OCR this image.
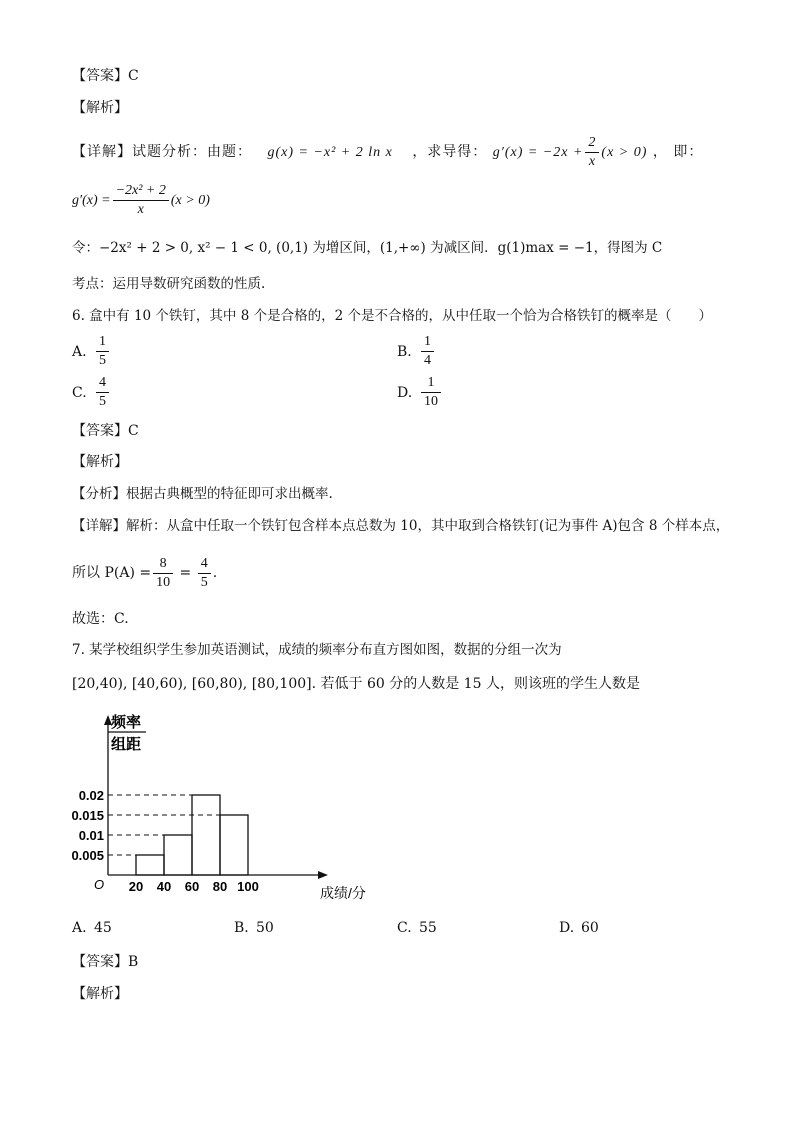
【答案】C
【解析】
【详解】试题分析：由题： g(x) = −x² + 2 ln x ，求导得： $g'(x) = -2x + \frac{2}{x} (x > 0)$ ， 即：
$g'(x) = \frac{\text{−2x² + 2}}{x} (x > 0)$
令：−2x² + 2 > 0, x² − 1 < 0, (0,1) 为增区间，(1,+∞) 为减区间．g(1)max = −1，得图为 C
考点：运用导数研究函数的性质.
6. 盒中有 10 个铁钉，其中 8 个是合格的，2 个是不合格的，从中任取一个恰为合格铁钉的概率是（　　）
A. $\frac{1}{5}$	B. $\frac{1}{4}$
C. $\frac{4}{5}$	D. $\frac{1}{10}$
【答案】C
【解析】
【分析】根据古典概型的特征即可求出概率.
【详解】解析：从盒中任取一个铁钉包含样本点总数为 10，其中取到合格铁钉(记为事件 A)包含 8 个样本点，
所以 $P(A) = \frac{8}{10} = \frac{4}{5}$ .
故选：C.
7. 某学校组织学生参加英语测试，成绩的频率分布直方图如图，数据的分组一次为
[20,40), [40,60), [60,80), [80,100]. 若低于 60 分的人数是 15 人，则该班的学生人数是
频率
组距
0.005
0.01
0.015
0.02
20 40 60 80 100
O
成绩/分
A. 45	B. 50	C. 55	D. 60
【答案】B
【解析】
